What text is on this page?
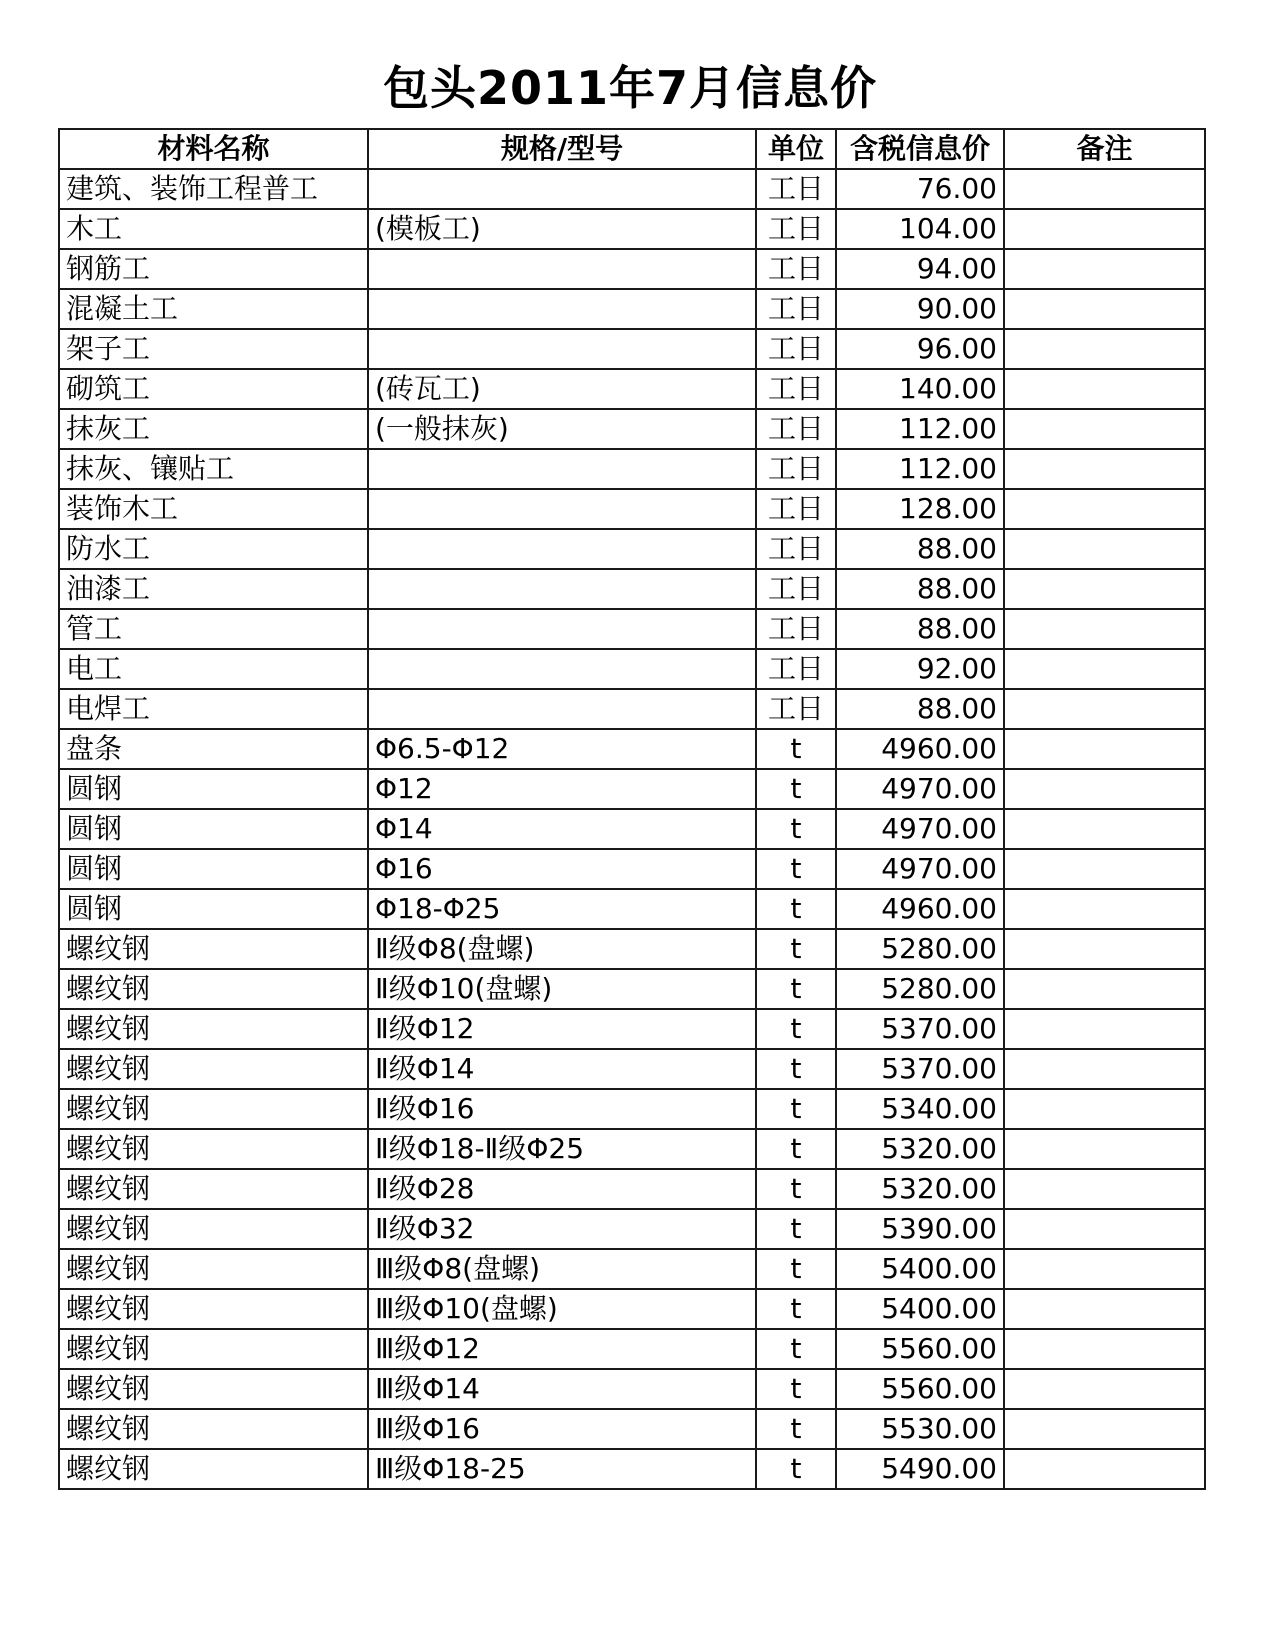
包头2011年7月信息价
材料名称	规格/型号	单位	含税信息价	备注
建筑、装饰工程普工		工日	76.00	
木工	(模板工)	工日	104.00	
钢筋工		工日	94.00	
混凝土工		工日	90.00	
架子工		工日	96.00	
砌筑工	(砖瓦工)	工日	140.00	
抹灰工	(一般抹灰)	工日	112.00	
抹灰、镶贴工		工日	112.00	
装饰木工		工日	128.00	
防水工		工日	88.00	
油漆工		工日	88.00	
管工		工日	88.00	
电工		工日	92.00	
电焊工		工日	88.00	
盘条	Φ6.5-Φ12	t	4960.00	
圆钢	Φ12	t	4970.00	
圆钢	Φ14	t	4970.00	
圆钢	Φ16	t	4970.00	
圆钢	Φ18-Φ25	t	4960.00	
螺纹钢	Ⅱ级Φ8(盘螺)	t	5280.00	
螺纹钢	Ⅱ级Φ10(盘螺)	t	5280.00	
螺纹钢	Ⅱ级Φ12	t	5370.00	
螺纹钢	Ⅱ级Φ14	t	5370.00	
螺纹钢	Ⅱ级Φ16	t	5340.00	
螺纹钢	Ⅱ级Φ18-Ⅱ级Φ25	t	5320.00	
螺纹钢	Ⅱ级Φ28	t	5320.00	
螺纹钢	Ⅱ级Φ32	t	5390.00	
螺纹钢	Ⅲ级Φ8(盘螺)	t	5400.00	
螺纹钢	Ⅲ级Φ10(盘螺)	t	5400.00	
螺纹钢	Ⅲ级Φ12	t	5560.00	
螺纹钢	Ⅲ级Φ14	t	5560.00	
螺纹钢	Ⅲ级Φ16	t	5530.00	
螺纹钢	Ⅲ级Φ18-25	t	5490.00	
